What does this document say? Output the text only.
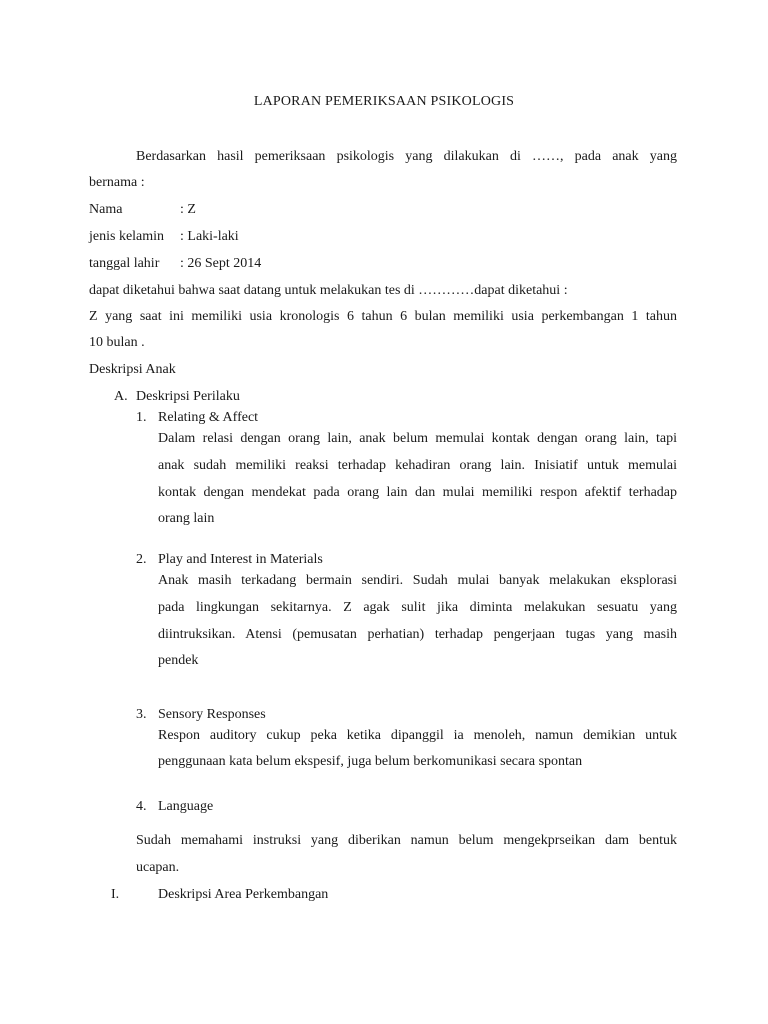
LAPORAN PEMERIKSAAN PSIKOLOGIS
Berdasarkan hasil pemeriksaan psikologis yang dilakukan di ……, pada anak yang
bernama :
Nama	: Z
jenis kelamin : Laki-laki
tanggal lahir : 26 Sept 2014
dapat diketahui bahwa saat datang untuk melakukan tes di …………dapat diketahui :
Z yang saat ini memiliki usia kronologis 6 tahun 6 bulan memiliki usia perkembangan 1 tahun
10 bulan .
Deskripsi Anak
A. Deskripsi Perilaku
1. Relating & Affect
Dalam relasi dengan orang lain, anak belum memulai kontak dengan orang lain, tapi
anak sudah memiliki reaksi terhadap kehadiran orang lain. Inisiatif untuk memulai
kontak dengan mendekat pada orang lain dan mulai memiliki respon afektif terhadap
orang lain
2. Play and Interest in Materials
Anak masih terkadang bermain sendiri. Sudah mulai banyak melakukan eksplorasi
pada lingkungan sekitarnya. Z agak sulit jika diminta melakukan sesuatu yang
diintruksikan. Atensi (pemusatan perhatian) terhadap pengerjaan tugas yang masih
pendek
3. Sensory Responses
Respon auditory cukup peka ketika dipanggil ia menoleh, namun demikian untuk
penggunaan kata belum ekspesif, juga belum berkomunikasi secara spontan
4. Language
Sudah memahami instruksi yang diberikan namun belum mengekprseikan dam bentuk
ucapan.
I.	Deskripsi Area Perkembangan
